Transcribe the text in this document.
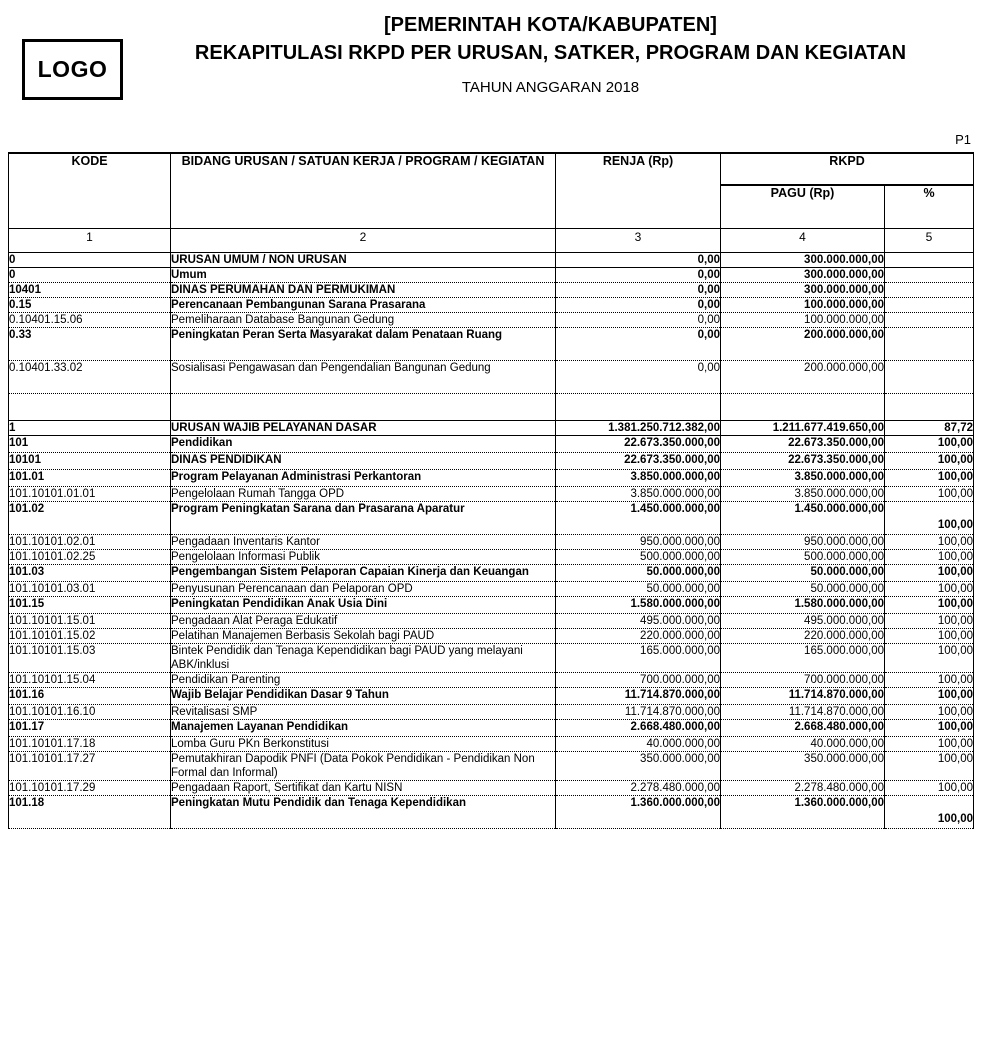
LOGO
[PEMERINTAH KOTA/KABUPATEN]
REKAPITULASI RKPD PER URUSAN, SATKER, PROGRAM DAN KEGIATAN
TAHUN ANGGARAN 2018
P1
KODE	BIDANG URUSAN / SATUAN KERJA / PROGRAM / KEGIATAN	RENJA (Rp)	RKPD	
			PAGU (Rp)	%
1	2	3	4	5
0	URUSAN UMUM / NON URUSAN	0,00	300.000.000,00	
0	Umum	0,00	300.000.000,00	
10401	DINAS PERUMAHAN DAN PERMUKIMAN	0,00	300.000.000,00	
0.15	Perencanaan Pembangunan Sarana Prasarana	0,00	100.000.000,00	
0.10401.15.06	Pemeliharaan Database Bangunan Gedung	0,00	100.000.000,00	
0.33	Peningkatan Peran Serta Masyarakat dalam Penataan Ruang	0,00	200.000.000,00	
0.10401.33.02	Sosialisasi Pengawasan dan Pengendalian Bangunan Gedung	0,00	200.000.000,00	

1	URUSAN WAJIB PELAYANAN DASAR	1.381.250.712.382,00	1.211.677.419.650,00	87,72
101	Pendidikan	22.673.350.000,00	22.673.350.000,00	100,00
10101	DINAS PENDIDIKAN	22.673.350.000,00	22.673.350.000,00	100,00
101.01	Program Pelayanan Administrasi Perkantoran	3.850.000.000,00	3.850.000.000,00	100,00
101.10101.01.01	Pengelolaan Rumah Tangga OPD	3.850.000.000,00	3.850.000.000,00	100,00
101.02	Program Peningkatan Sarana dan Prasarana Aparatur	1.450.000.000,00	1.450.000.000,00	100,00
101.10101.02.01	Pengadaan Inventaris Kantor	950.000.000,00	950.000.000,00	100,00
101.10101.02.25	Pengelolaan Informasi Publik	500.000.000,00	500.000.000,00	100,00
101.03	Pengembangan Sistem Pelaporan Capaian Kinerja dan Keuangan	50.000.000,00	50.000.000,00	100,00
101.10101.03.01	Penyusunan Perencanaan dan Pelaporan OPD	50.000.000,00	50.000.000,00	100,00
101.15	Peningkatan Pendidikan Anak Usia Dini	1.580.000.000,00	1.580.000.000,00	100,00
101.10101.15.01	Pengadaan Alat Peraga Edukatif	495.000.000,00	495.000.000,00	100,00
101.10101.15.02	Pelatihan Manajemen Berbasis Sekolah bagi PAUD	220.000.000,00	220.000.000,00	100,00
101.10101.15.03	Bintek Pendidik dan Tenaga Kependidikan bagi PAUD yang melayani ABK/inklusi	165.000.000,00	165.000.000,00	100,00
101.10101.15.04	Pendidikan Parenting	700.000.000,00	700.000.000,00	100,00
101.16	Wajib Belajar Pendidikan Dasar 9 Tahun	11.714.870.000,00	11.714.870.000,00	100,00
101.10101.16.10	Revitalisasi SMP	11.714.870.000,00	11.714.870.000,00	100,00
101.17	Manajemen Layanan Pendidikan	2.668.480.000,00	2.668.480.000,00	100,00
101.10101.17.18	Lomba Guru PKn Berkonstitusi	40.000.000,00	40.000.000,00	100,00
101.10101.17.27	Pemutakhiran Dapodik PNFI (Data Pokok Pendidikan - Pendidikan Non Formal dan Informal)	350.000.000,00	350.000.000,00	100,00
101.10101.17.29	Pengadaan Raport, Sertifikat dan Kartu NISN	2.278.480.000,00	2.278.480.000,00	100,00
101.18	Peningkatan Mutu Pendidik dan Tenaga Kependidikan	1.360.000.000,00	1.360.000.000,00	100,00
